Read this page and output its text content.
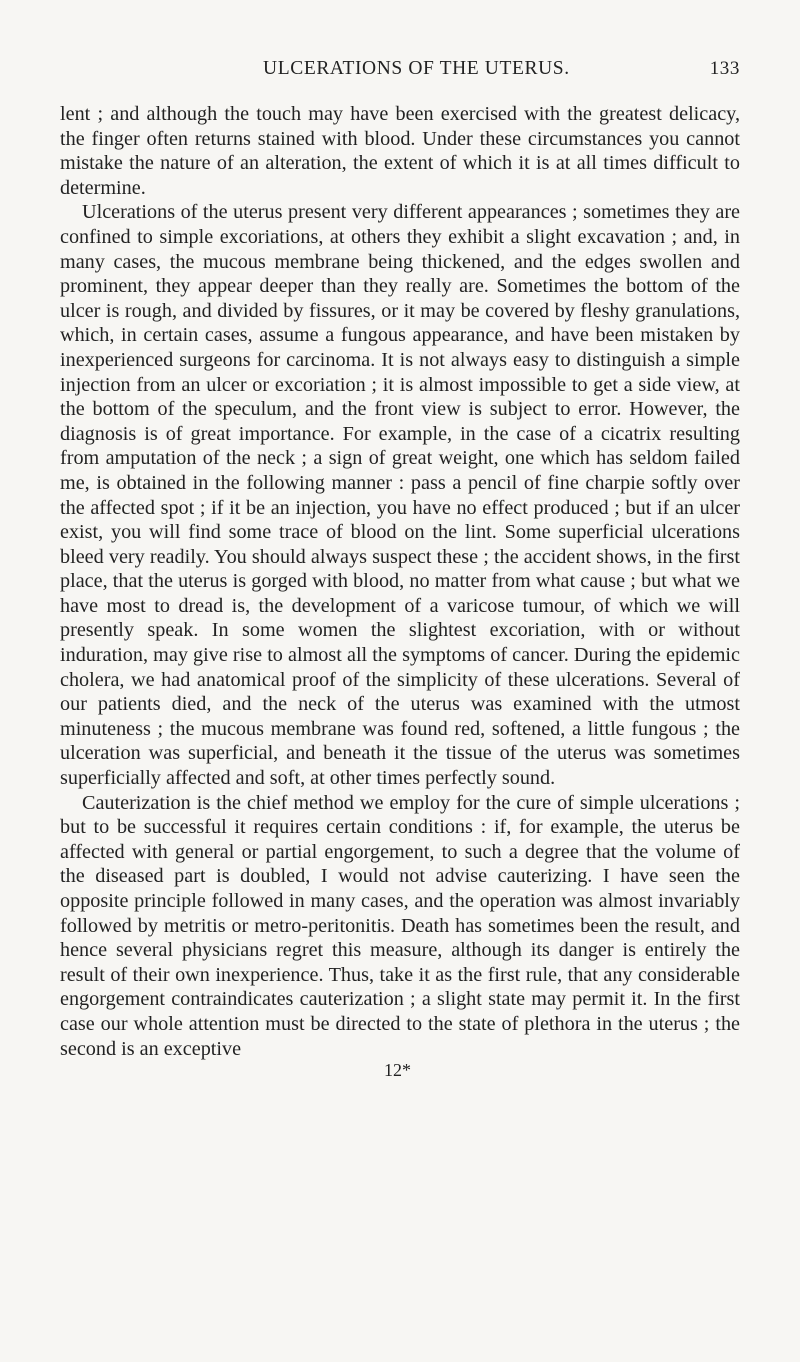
ULCERATIONS OF THE UTERUS.	133

lent ; and although the touch may have been exercised with the greatest delicacy, the finger often returns stained with blood. Under these circumstances you cannot mistake the nature of an alteration, the extent of which it is at all times difficult to determine.

Ulcerations of the uterus present very different appearances ; sometimes they are confined to simple excoriations, at others they exhibit a slight excavation ; and, in many cases, the mucous membrane being thickened, and the edges swollen and prominent, they appear deeper than they really are. Sometimes the bottom of the ulcer is rough, and divided by fissures, or it may be covered by fleshy granulations, which, in certain cases, assume a fungous appearance, and have been mistaken by inexperienced surgeons for carcinoma. It is not always easy to distinguish a simple injection from an ulcer or excoriation ; it is almost impossible to get a side view, at the bottom of the speculum, and the front view is subject to error. However, the diagnosis is of great importance. For example, in the case of a cicatrix resulting from amputation of the neck ; a sign of great weight, one which has seldom failed me, is obtained in the following manner : pass a pencil of fine charpie softly over the affected spot ; if it be an injection, you have no effect produced ; but if an ulcer exist, you will find some trace of blood on the lint. Some superficial ulcerations bleed very readily. You should always suspect these ; the accident shows, in the first place, that the uterus is gorged with blood, no matter from what cause ; but what we have most to dread is, the development of a varicose tumour, of which we will presently speak. In some women the slightest excoriation, with or without induration, may give rise to almost all the symptoms of cancer. During the epidemic cholera, we had anatomical proof of the simplicity of these ulcerations. Several of our patients died, and the neck of the uterus was examined with the utmost minuteness ; the mucous membrane was found red, softened, a little fungous ; the ulceration was superficial, and beneath it the tissue of the uterus was sometimes superficially affected and soft, at other times perfectly sound.

Cauterization is the chief method we employ for the cure of simple ulcerations ; but to be successful it requires certain conditions : if, for example, the uterus be affected with general or partial engorgement, to such a degree that the volume of the diseased part is doubled, I would not advise cauterizing. I have seen the opposite principle followed in many cases, and the operation was almost invariably followed by metritis or metro-peritonitis. Death has sometimes been the result, and hence several physicians regret this measure, although its danger is entirely the result of their own inexperience. Thus, take it as the first rule, that any considerable engorgement contraindicates cauterization ; a slight state may permit it. In the first case our whole attention must be directed to the state of plethora in the uterus ; the second is an exceptive

12*
